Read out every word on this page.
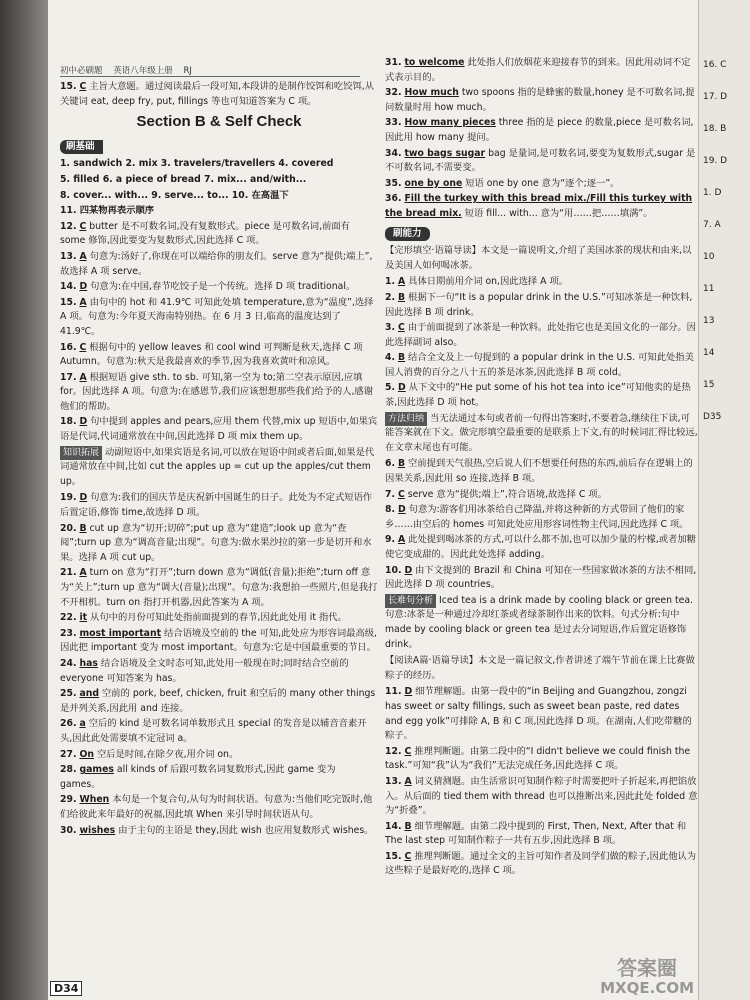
初中必刷题 英语八年级上册 RJ
15. C 主旨大意题。通过阅读最后一段可知,本段讲的是制作饺饵和吃饺饵,从关键词 eat, deep fry, put, fillings 等也可知道答案为 C 项。
Section B & Self Check
刷基础
1. sandwich 2. mix 3. travelers/travellers 4. covered
5. filled 6. a piece of bread 7. mix... and/with...
8. cover... with... 9. serve... to... 10. 在高温下
11. 四某物再表示顺序
12. C butter 是不可数名词,没有复数形式。piece 是可数名词,前面有 some 修饰,因此要变为复数形式,因此选择 C 项。
13. A 句意为:汤好了,你现在可以端给你的朋友们。serve 意为“提供;端上”,故选择 A 项 serve。
14. D 句意为:在中国,春节吃饺子是一个传统。选择 D 项 traditional。
15. A 由句中的 hot 和 41.9℃ 可知此处填 temperature,意为“温度”,选择 A 项。句意为:今年夏天海南特别热。在 6 月 3 日,临高的温度达到了 41.9℃。
16. C 根据句中的 yellow leaves 和 cool wind 可判断是秋天,选择 C 项 Autumn。句意为:秋天是我最喜欢的季节,因为我喜欢黄叶和凉风。
17. A 根据短语 give sth. to sb. 可知,第一空为 to;第二空表示原因,应填 for。因此选择 A 项。句意为:在感恩节,我们应该想想那些我们给予的人,感谢他们的帮助。
18. D 句中提到 apples and pears,应用 them 代替,mix up 短语中,如果宾语是代词,代词通常放在中间,因此选择 D 项 mix them up。
知识拓展 动副短语中,如果宾语是名词,可以放在短语中间或者后面,如果是代词通常放在中间,比如 cut the apples up = cut up the apples/cut them up。
19. D 句意为:我们的国庆节是庆祝新中国诞生的日子。此处为不定式短语作后置定语,修饰 time,故选择 D 项。
20. B cut up 意为“切开;切碎”;put up 意为“建造”;look up 意为“查阅”;turn up 意为“调高音量;出现”。句意为:做水果沙拉的第一步是切开和水果。选择 A 项 cut up。
21. A turn on 意为“打开”;turn down 意为“调低(音量);拒绝”;turn off 意为“关上”;turn up 意为“调大(音量);出现”。句意为:我想拍一些照片,但是我打不开相机。turn on 指打开机器,因此答案为 A 项。
22. it 从句中的月份可知此处指前面提到的春节,因此此处用 it 指代。
23. most important 结合语境及空前的 the 可知,此处应为形容词最高级,因此把 important 变为 most important。句意为:它是中国最重要的节日。
24. has 结合语境及全文时态可知,此处用一般现在时;同时结合空前的 everyone 可知答案为 has。
25. and 空前的 pork, beef, chicken, fruit 和空后的 many other things 是并列关系,因此用 and 连接。
26. a 空后的 kind 是可数名词单数形式且 special 的发音是以辅音音素开头,因此此处需要填不定冠词 a。
27. On 空后是时间,在除夕夜,用介词 on。
28. games all kinds of 后跟可数名词复数形式,因此 game 变为 games。
29. When 本句是一个复合句,从句为时间状语。句意为:当他们吃完饭时,他们给彼此来年最好的祝福,因此填 When 来引导时间状语从句。
30. wishes 由于主句的主语是 they,因此 wish 也应用复数形式 wishes。
31. to welcome 此处指人们放烟花来迎接春节的到来。因此用动词不定式表示目的。
32. How much two spoons 指的是蜂蜜的数量,honey 是不可数名词,提问数量时用 how much。
33. How many pieces three 指的是 piece 的数量,piece 是可数名词,因此用 how many 提问。
34. two bags sugar bag 是量词,是可数名词,要变为复数形式,sugar 是不可数名词,不需要变。
35. one by one 短语 one by one 意为“逐个;逐一”。
36. Fill the turkey with this bread mix./Fill this turkey with the bread mix. 短语 fill... with... 意为“用……把……填满”。
刷能力
【完形填空·语篇导读】本文是一篇说明文,介绍了美国冰茶的现状和由来,以及美国人如何喝冰茶。
1. A 具体日期前用介词 on,因此选择 A 项。
2. B 根据下一句“It is a popular drink in the U.S.”可知冰茶是一种饮料,因此选择 B 项 drink。
3. C 由于前面提到了冰茶是一种饮料。此处指它也是美国文化的一部分。因此选择副词 also。
4. B 结合全文及上一句提到的 a popular drink in the U.S. 可知此处指美国人消费的百分之八十五的茶是冰茶,因此选择 B 项 cold。
5. D 从下文中的“He put some of his hot tea into ice”可知他卖的是热茶,因此选择 D 项 hot。
方法归纳 当无法通过本句或者前一句得出答案时,不要着急,继续往下读,可能答案就在下文。做完形填空最重要的是联系上下文,有的时候词汇得比较远,在文章末尾也有可能。
6. B 空前提到天气很热,空后说人们不想要任何热的东西,前后存在逻辑上的因果关系,因此用 so 连接,选择 B 项。
7. C serve 意为“提供;端上”,符合语境,故选择 C 项。
8. D 句意为:游客们用冰茶给自己降温,并将这种新的方式带回了他们的家乡……由空后的 homes 可知此处应用形容词性物主代词,因此选择 C 项。
9. A 此处提到喝冰茶的方式,可以什么都不加,也可以加少量的柠檬,或者加糖使它变成甜的。因此此处选择 adding。
10. D 由下文提到的 Brazil 和 China 可知在一些国家做冰茶的方法不相同,因此选择 D 项 countries。
长难句分析 Iced tea is a drink made by cooling black or green tea. 句意:冰茶是一种通过冷却红茶或者绿茶制作出来的饮料。句式分析:句中 made by cooling black or green tea 是过去分词短语,作后置定语修饰 drink。
【阅读A篇·语篇导读】本文是一篇记叙文,作者讲述了端午节前在课上比赛做粽子的经历。
11. D 细节理解题。由第一段中的“in Beijing and Guangzhou, zongzi has sweet or salty fillings, such as sweet bean paste, red dates and egg yolk”可排除 A, B 和 C 项,因此选择 D 项。在湖南,人们吃带糖的粽子。
12. C 推理判断题。由第二段中的“I didn't believe we could finish the task.”可知“我”认为“我们”无法完成任务,因此选择 C 项。
13. A 词义猜测题。由生活常识可知制作粽子时需要把叶子折起来,再把馅放入。从后面的 tied them with thread 也可以推断出来,因此此处 folded 意为“折叠”。
14. B 细节理解题。由第二段中提到的 First, Then, Next, After that 和 The last step 可知制作粽子一共有五步,因此选择 B 项。
15. C 推理判断题。通过全文的主旨可知作者及同学们做的粽子,因此他认为这些粽子是最好吃的,选择 C 项。
D34
答案圈
MXQE.COM
16. C
17. D
18. B
19. D
1. D
7. A
10
11
13
14
15
D35
